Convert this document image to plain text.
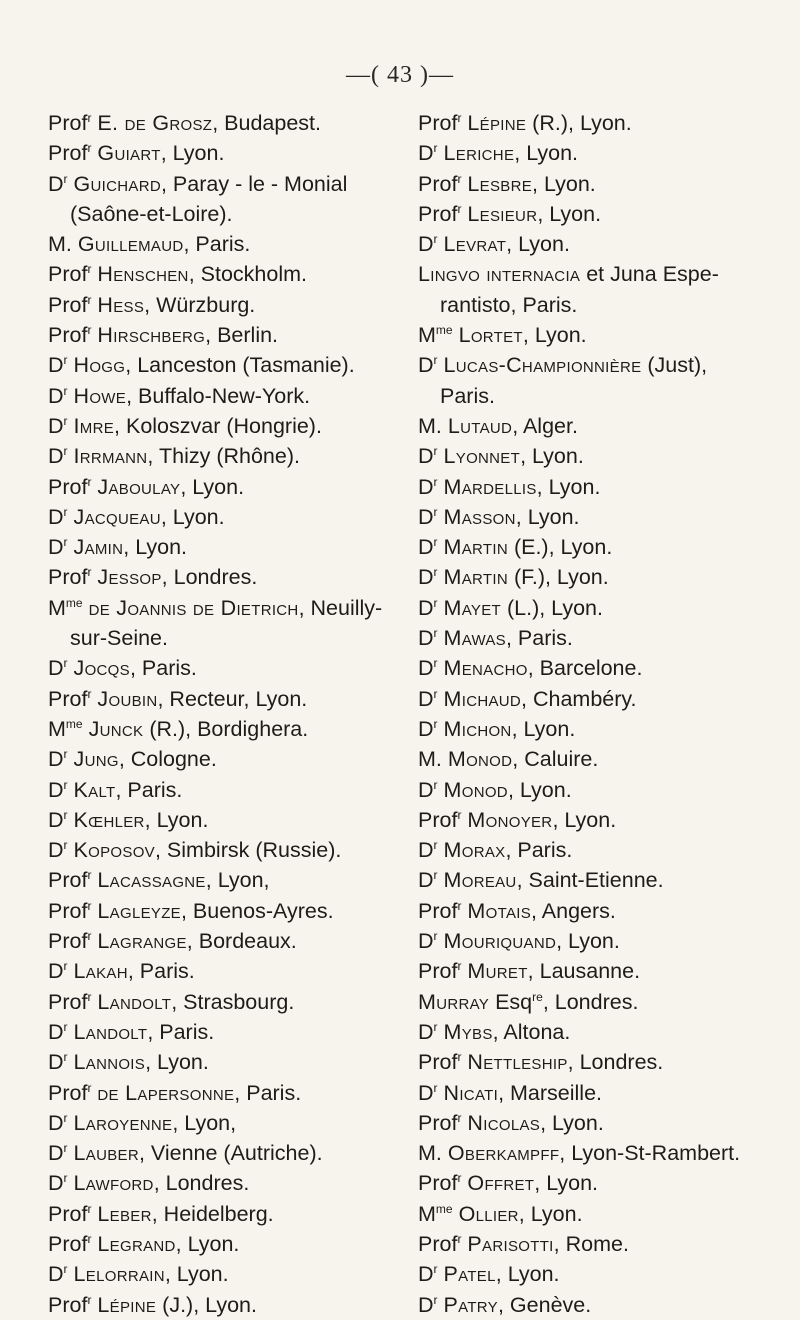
—( 43 )—
Prof$^r$ E. de Grosz, Budapest.
Prof$^r$ Guiart, Lyon.
$D^r$ Guichard, Paray - le - Monial
(Saône-et-Loire).
M. Guillemaud, Paris.
Prof$^r$ Henschen, Stockholm.
Prof$^r$ Hess, Würzburg.
Prof$^r$ Hirschberg, Berlin.
$D^r$ Hogg, Lanceston (Tasmanie).
$D^r$ Howe, Buffalo-New-York.
$D^r$ Imre, Koloszvar (Hongrie).
$D^r$ Irrmann, Thizy (Rhône).
Prof$^r$ Jaboulay, Lyon.
$D^r$ Jacqueau, Lyon.
$D^r$ Jamin, Lyon.
Prof$^r$ Jessop, Londres.
$M^{me}$ de Joannis de Dietrich, Neuilly-
sur-Seine.
$D^r$ Jocqs, Paris.
Prof$^r$ Joubin, Recteur, Lyon.
$M^{me}$ Junck (R.), Bordighera.
$D^r$ Jung, Cologne.
$D^r$ Kalt, Paris.
$D^r$ Kœhler, Lyon.
$D^r$ Koposov, Simbirsk (Russie).
Prof$^r$ Lacassagne, Lyon,
Prof$^r$ Lagleyze, Buenos-Ayres.
Prof$^r$ Lagrange, Bordeaux.
$D^r$ Lakah, Paris.
Prof$^r$ Landolt, Strasbourg.
$D^r$ Landolt, Paris.
$D^r$ Lannois, Lyon.
Prof$^r$ de Lapersonne, Paris.
$D^r$ Laroyenne, Lyon,
$D^r$ Lauber, Vienne (Autriche).
$D^r$ Lawford, Londres.
Prof$^r$ Leber, Heidelberg.
Prof$^r$ Legrand, Lyon.
$D^r$ Lelorrain, Lyon.
Prof$^r$ Lépine (J.), Lyon.
Prof$^r$ Lépine (R.), Lyon.
$D^r$ Leriche, Lyon.
Prof$^r$ Lesbre, Lyon.
Prof$^r$ Lesieur, Lyon.
$D^r$ Levrat, Lyon.
Lingvo internacia et Juna Espe-
rantisto, Paris.
$M^{me}$ Lortet, Lyon.
$D^r$ Lucas-Championnière (Just),
Paris.
M. Lutaud, Alger.
$D^r$ Lyonnet, Lyon.
$D^r$ Mardellis, Lyon.
$D^r$ Masson, Lyon.
$D^r$ Martin (E.), Lyon.
$D^r$ Martin (F.), Lyon.
$D^r$ Mayet (L.), Lyon.
$D^r$ Mawas, Paris.
$D^r$ Menacho, Barcelone.
$D^r$ Michaud, Chambéry.
$D^r$ Michon, Lyon.
M. Monod, Caluire.
$D^r$ Monod, Lyon.
Prof$^r$ Monoyer, Lyon.
$D^r$ Morax, Paris.
$D^r$ Moreau, Saint-Etienne.
Prof$^r$ Motais, Angers.
$D^r$ Mouriquand, Lyon.
Prof$^r$ Muret, Lausanne.
Murray Esq$^{re}$, Londres.
$D^r$ Mybs, Altona.
Prof$^r$ Nettleship, Londres.
$D^r$ Nicati, Marseille.
Prof$^r$ Nicolas, Lyon.
M. Oberkampff, Lyon-St-Rambert.
Prof$^r$ Offret, Lyon.
$M^{me}$ Ollier, Lyon.
Prof$^r$ Parisotti, Rome.
$D^r$ Patel, Lyon.
$D^r$ Patry, Genève.
